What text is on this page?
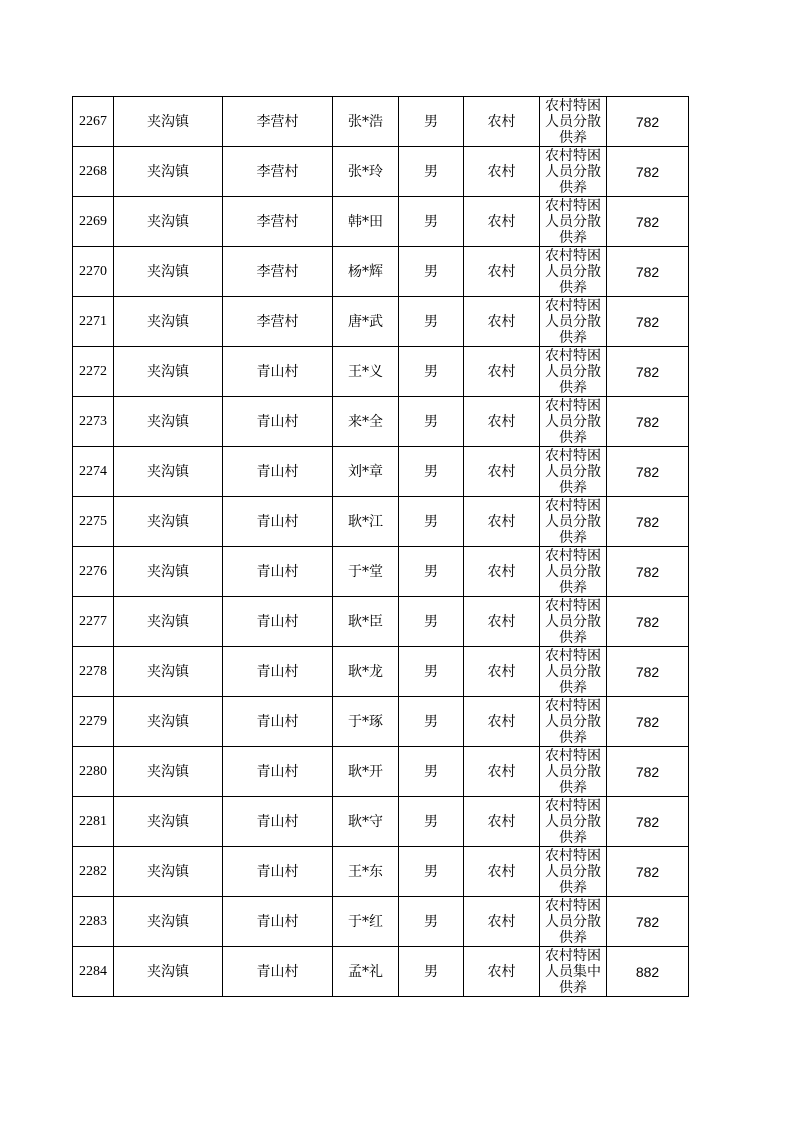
2267	夹沟镇	李营村	张*浩	男	农村	农村特困人员分散供养	782
2268	夹沟镇	李营村	张*玲	男	农村	农村特困人员分散供养	782
2269	夹沟镇	李营村	韩*田	男	农村	农村特困人员分散供养	782
2270	夹沟镇	李营村	杨*辉	男	农村	农村特困人员分散供养	782
2271	夹沟镇	李营村	唐*武	男	农村	农村特困人员分散供养	782
2272	夹沟镇	青山村	王*义	男	农村	农村特困人员分散供养	782
2273	夹沟镇	青山村	来*全	男	农村	农村特困人员分散供养	782
2274	夹沟镇	青山村	刘*章	男	农村	农村特困人员分散供养	782
2275	夹沟镇	青山村	耿*江	男	农村	农村特困人员分散供养	782
2276	夹沟镇	青山村	于*堂	男	农村	农村特困人员分散供养	782
2277	夹沟镇	青山村	耿*臣	男	农村	农村特困人员分散供养	782
2278	夹沟镇	青山村	耿*龙	男	农村	农村特困人员分散供养	782
2279	夹沟镇	青山村	于*琢	男	农村	农村特困人员分散供养	782
2280	夹沟镇	青山村	耿*开	男	农村	农村特困人员分散供养	782
2281	夹沟镇	青山村	耿*守	男	农村	农村特困人员分散供养	782
2282	夹沟镇	青山村	王*东	男	农村	农村特困人员分散供养	782
2283	夹沟镇	青山村	于*红	男	农村	农村特困人员分散供养	782
2284	夹沟镇	青山村	孟*礼	男	农村	农村特困人员集中供养	882
